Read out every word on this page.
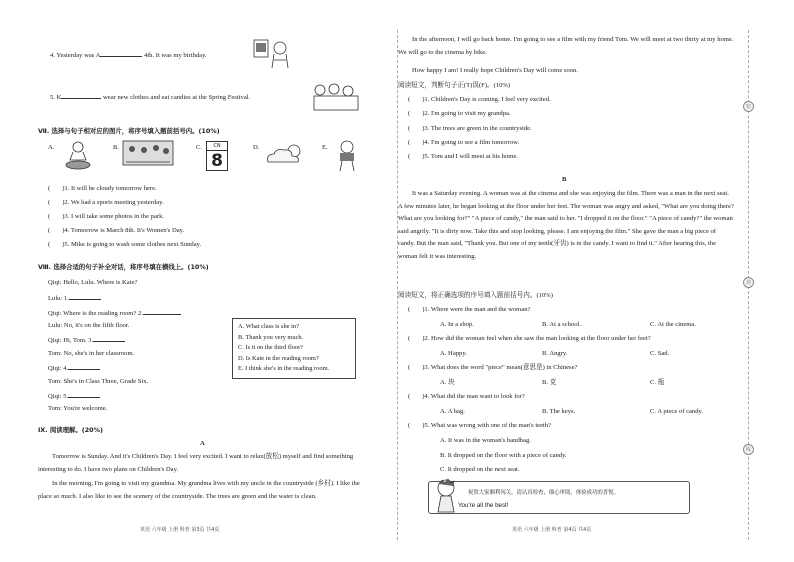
4. Yesterday was A	4th. It was my birthday.
5. K	wear new clothes and eat candies at the Spring Festival.
Ⅶ. 选择与句子相对应的图片，将序号填入题前括号内。(10%)
A.	B.	C.	CN
8
D.	E.
( )1. It will be cloudy tomorrow here.
( )2. We had a sports meeting yesterday.
( )3. I will take some photos in the park.
( )4. Tomorrow is March 8th. It's Women's Day.
( )5. Mike is going to wash some clothes next Sunday.
Ⅷ. 选择合适的句子补全对话，将序号填在横线上。(10%)
Qiqi: Hello, Lulu. Where is Kate?
Lulu: 1.
Qiqi: Where is the reading room? 2.
Lulu: No, it's on the fifth floor.
Qiqi: Hi, Tom. 3.
Tom: No, she's in her classroom.
Qiqi: 4.
Tom: She's in Class Three, Grade Six.
Qiqi: 5.
Tom: You're welcome.
A. What class is she in?
B. Thank you very much.
C. Is it on the third floor?
D. Is Kate in the reading room?
E. I think she's in the reading room.
Ⅸ. 阅读理解。(20%)
A
Tomorrow is Sunday. And it's Children's Day. I feel very excited. I want to relax(放松) myself and find something interesting to do. I have two plans on Children's Day.
In the morning, I'm going to visit my grandma. My grandma lives with my uncle in the countryside (乡村). I like the place so much. I also like to see the scenery of the countryside. The trees are green and the water is clean.
英语 六年级 上册 科普 第3页 共4页
In the afternoon, I will go back home. I'm going to see a film with my friend Tom. We will meet at two thirty at my home. We will go to the cinema by bike.
How happy I am! I really hope Children's Day will come soon.
阅读短文，判断句子正(T)误(F)。(10%)
( )1. Children's Day is coming. I feel very excited.
( )2. I'm going to visit my grandpa.
( )3. The trees are green in the countryside.
( )4. I'm going to see a film tomorrow.
( )5. Tom and I will meet at his home.
B
It was a Saturday evening. A woman was at the cinema and she was enjoying the film. There was a man in the next seat. A few minutes later, he began looking at the floor under her feet. The woman was angry and asked, "What are you doing there? What are you looking for?" "A piece of candy," the man said to her. "I dropped it on the floor." "A piece of candy?" the woman said angrily. "It is dirty now. Take this and stop looking, please. I am enjoying the film." She gave the man a big piece of candy. But the man said, "Thank you. But one of my teeth(牙齿) is in the candy. I want to find it." After hearing this, the woman felt it was interesting.
阅读短文，将正确选项的序号填入题前括号内。(10%)
( )1. Where were the man and the woman?
A. In a shop.	B. At a school.	C. At the cinema.
( )2. How did the woman feel when she saw the man looking at the floor under her feet?
A. Happy.	B. Angry.	C. Sad.
( )3. What does the word "piece" mean(意思是) in Chinese?
A. 块	B. 克	C. 瓶
( )4. What did the man want to look for?
A. A bag.	B. The keys.	C. A piece of candy.
( )5. What was wrong with one of the man's teeth?
A. It was in the woman's handbag.
B. It dropped on the floor with a piece of candy.
C. It dropped on the next seat.
祝贺大家顺利闯关，请认真检查，细心审阅，体验成功的喜悦。
You're all the best!
密
封
线
英语 六年级 上册 科普 第4页 共4页
